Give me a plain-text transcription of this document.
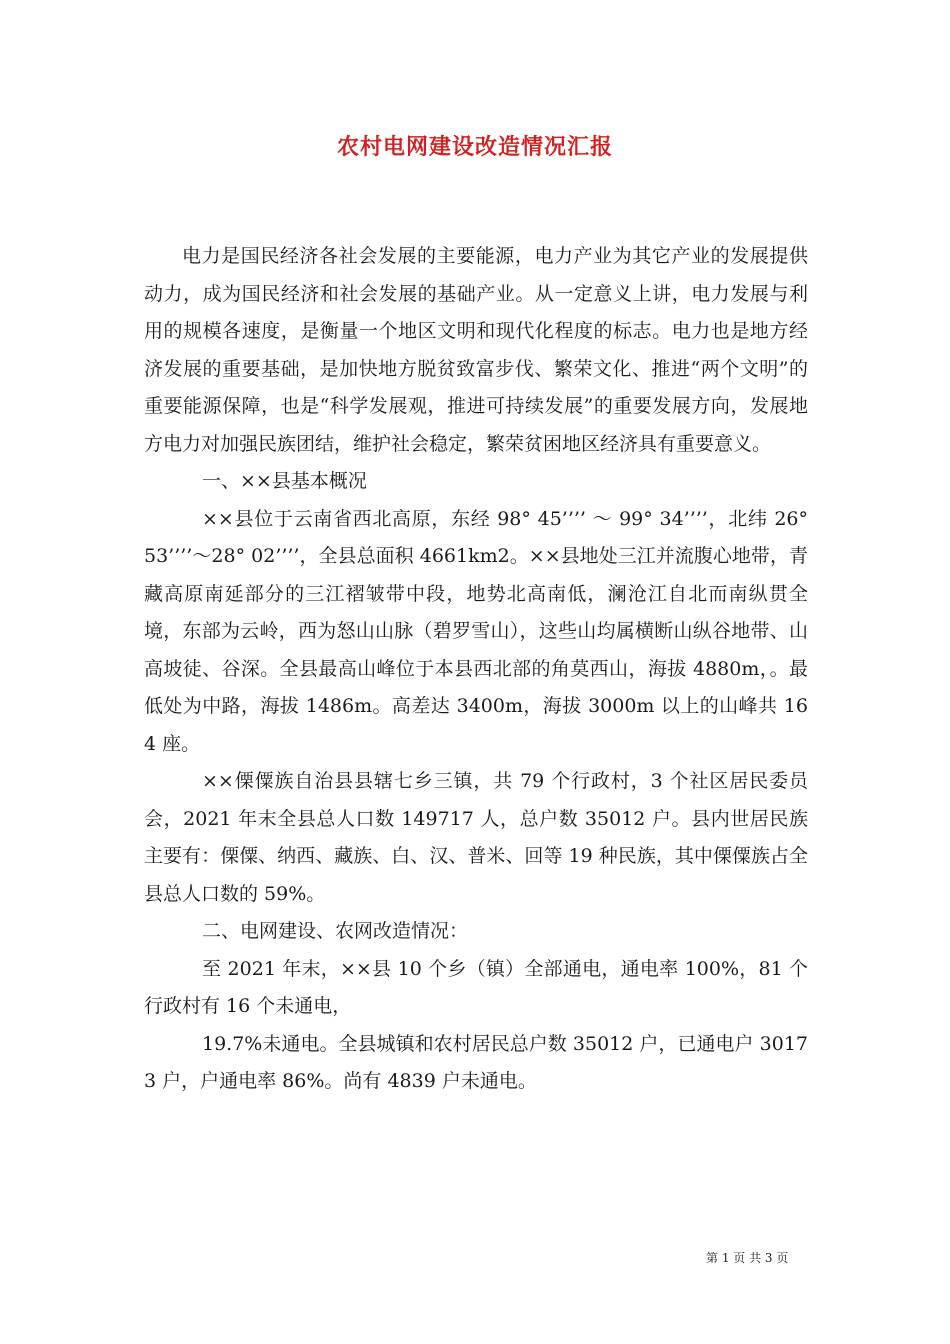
农村电网建设改造情况汇报

电力是国民经济各社会发展的主要能源，电力产业为其它产业的发展提供动力，成为国民经济和社会发展的基础产业。从一定意义上讲，电力发展与利用的规模各速度，是衡量一个地区文明和现代化程度的标志。电力也是地方经济发展的重要基础，是加快地方脱贫致富步伐、繁荣文化、推进“两个文明”的重要能源保障，也是“科学发展观，推进可持续发展”的重要发展方向，发展地方电力对加强民族团结，维护社会稳定，繁荣贫困地区经济具有重要意义。

一、××县基本概况

××县位于云南省西北高原，东经 98° 45’’’’ ～ 99° 34’’’’，北纬 26° 53’’’’～28° 02’’’’，全县总面积 4661km2。××县地处三江并流腹心地带，青藏高原南延部分的三江褶皱带中段，地势北高南低，澜沧江自北而南纵贯全境，东部为云岭，西为怒山山脉（碧罗雪山），这些山均属横断山纵谷地带、山高坡徒、谷深。全县最高山峰位于本县西北部的角莫西山，海拔 4880m，。最低处为中路，海拔 1486m。高差达 3400m，海拔 3000m 以上的山峰共 164 座。

××傈僳族自治县县辖七乡三镇，共 79 个行政村，3 个社区居民委员会，2021 年末全县总人口数 149717 人，总户数 35012 户。县内世居民族主要有：傈僳、纳西、藏族、白、汉、普米、回等 19 种民族，其中傈僳族占全县总人口数的 59%。

二、电网建设、农网改造情况：

至 2021 年末，××县 10 个乡（镇）全部通电，通电率 100%，81 个行政村有 16 个未通电，

19.7%未通电。全县城镇和农村居民总户数 35012 户，已通电户 30173 户，户通电率 86%。尚有 4839 户未通电。

第 1 页 共 3 页
